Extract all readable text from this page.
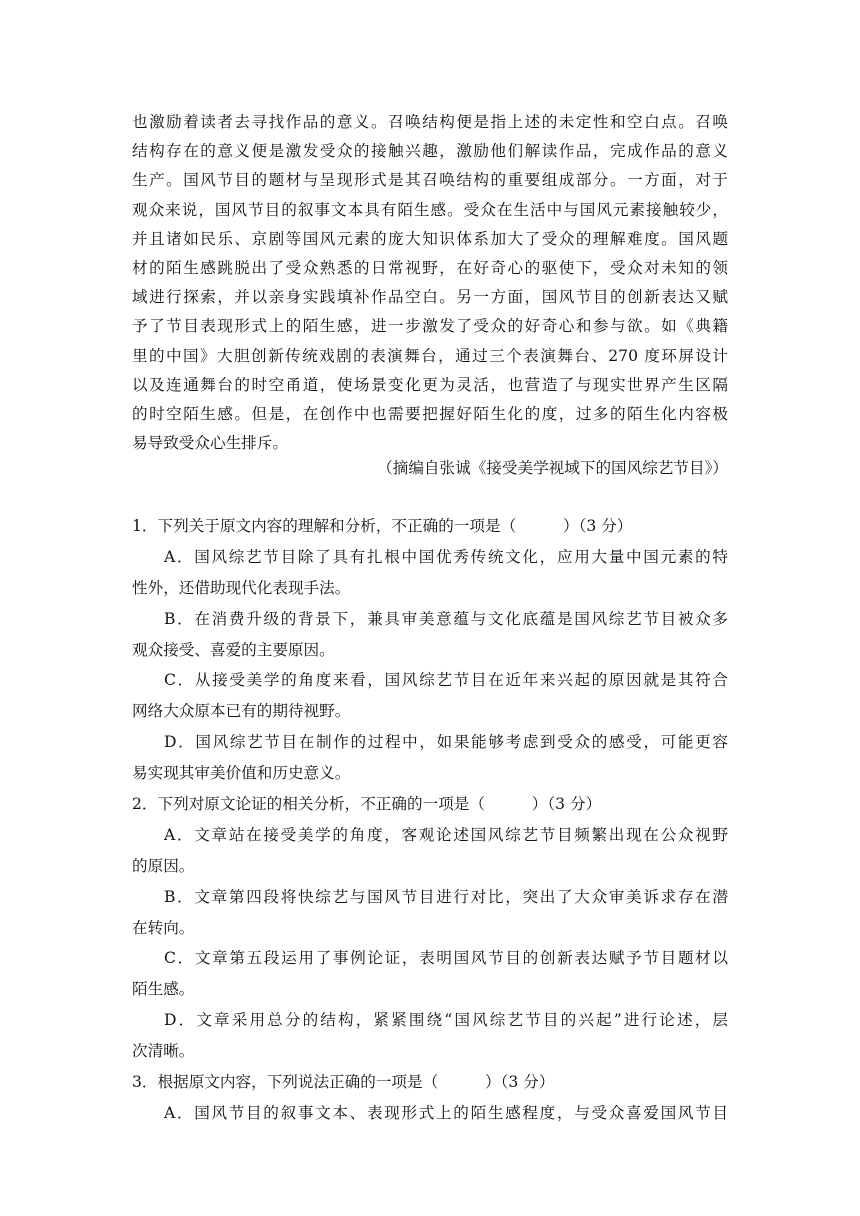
也激励着读者去寻找作品的意义。召唤结构便是指上述的未定性和空白点。召唤
结构存在的意义便是激发受众的接触兴趣，激励他们解读作品，完成作品的意义
生产。国风节目的题材与呈现形式是其召唤结构的重要组成部分。一方面，对于
观众来说，国风节目的叙事文本具有陌生感。受众在生活中与国风元素接触较少，
并且诸如民乐、京剧等国风元素的庞大知识体系加大了受众的理解难度。国风题
材的陌生感跳脱出了受众熟悉的日常视野，在好奇心的驱使下，受众对未知的领
域进行探索，并以亲身实践填补作品空白。另一方面，国风节目的创新表达又赋
予了节目表现形式上的陌生感，进一步激发了受众的好奇心和参与欲。如《典籍
里的中国》大胆创新传统戏剧的表演舞台，通过三个表演舞台、270 度环屏设计
以及连通舞台的时空甬道，使场景变化更为灵活，也营造了与现实世界产生区隔
的时空陌生感。但是，在创作中也需要把握好陌生化的度，过多的陌生化内容极
易导致受众心生排斥。
（摘编自张诚《接受美学视域下的国风综艺节目》）
1．下列关于原文内容的理解和分析，不正确的一项是（　　　）（3 分）
A．国风综艺节目除了具有扎根中国优秀传统文化，应用大量中国元素的特
性外，还借助现代化表现手法。
B．在消费升级的背景下，兼具审美意蕴与文化底蕴是国风综艺节目被众多
观众接受、喜爱的主要原因。
C．从接受美学的角度来看，国风综艺节目在近年来兴起的原因就是其符合
网络大众原本已有的期待视野。
D．国风综艺节目在制作的过程中，如果能够考虑到受众的感受，可能更容
易实现其审美价值和历史意义。
2．下列对原文论证的相关分析，不正确的一项是（　　　）（3 分）
A．文章站在接受美学的角度，客观论述国风综艺节目频繁出现在公众视野
的原因。
B．文章第四段将快综艺与国风节目进行对比，突出了大众审美诉求存在潜
在转向。
C．文章第五段运用了事例论证，表明国风节目的创新表达赋予节目题材以
陌生感。
D．文章采用总分的结构，紧紧围绕“国风综艺节目的兴起”进行论述，层
次清晰。
3．根据原文内容，下列说法正确的一项是（　　　）（3 分）
A．国风节目的叙事文本、表现形式上的陌生感程度，与受众喜爱国风节目
